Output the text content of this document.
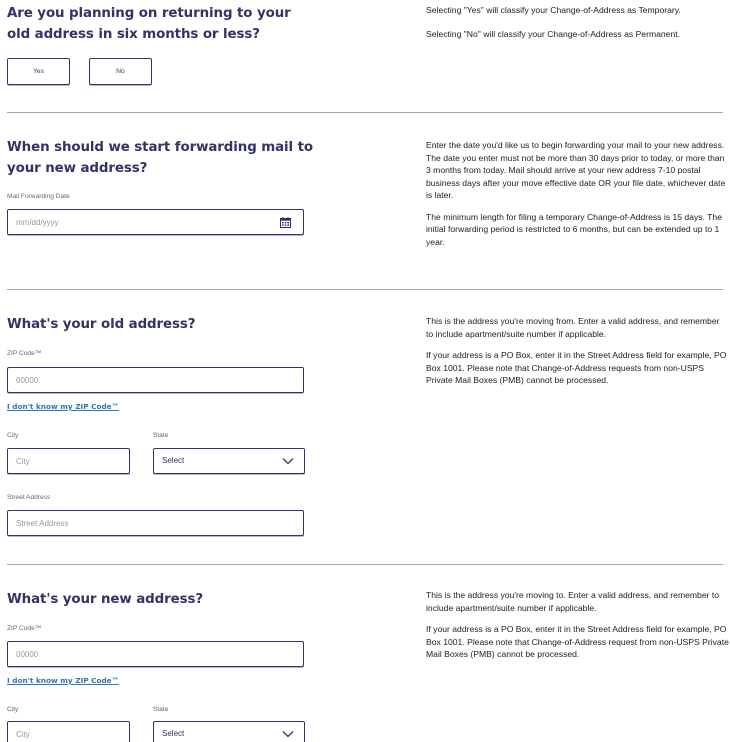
Are you planning on returning to your old address in six months or less?
Yes	No

Selecting "Yes" will classify your Change-of-Address as Temporary.

Selecting "No" will classify your Change-of-Address as Permanent.

When should we start forwarding mail to your new address?
Mail Forwarding Date
mm/dd/yyyy

Enter the date you'd like us to begin forwarding your mail to your new address. The date you enter must not be more than 30 days prior to today, or more than 3 months from today. Mail should arrive at your new address 7-10 postal business days after your move effective date OR your file date, whichever date is later.

The minimum length for filing a temporary Change-of-Address is 15 days. The initial forwarding period is restricted to 6 months, but can be extended up to 1 year.

What's your old address?
ZIP Code™
00000
I don't know my ZIP Code™
City
City	State
Select
Street Address
Street Address

This is the address you're moving from. Enter a valid address, and remember to include apartment/suite number if applicable.

If your address is a PO Box, enter it in the Street Address field for example, PO Box 1001. Please note that Change-of-Address requests from non-USPS Private Mail Boxes (PMB) cannot be processed.

What's your new address?
ZIP Code™
00000
I don't know my ZIP Code™
City
City	State
Select

This is the address you're moving to. Enter a valid address, and remember to include apartment/suite number if applicable.

If your address is a PO Box, enter it in the Street Address field for example, PO Box 1001. Please note that Change-of-Address request from non-USPS Private Mail Boxes (PMB) cannot be processed.
